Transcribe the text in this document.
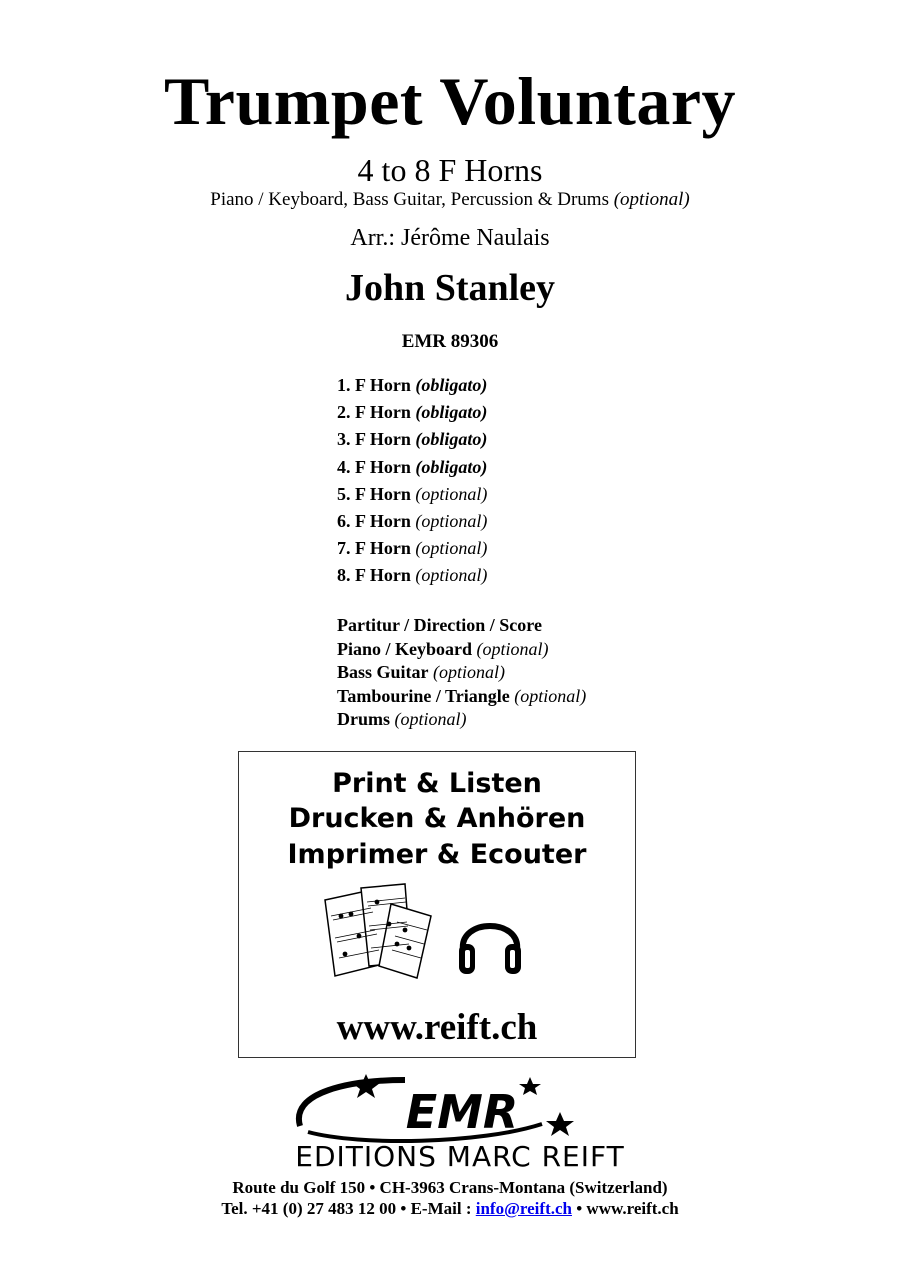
Trumpet Voluntary
4 to 8 F Horns
Piano / Keyboard, Bass Guitar, Percussion & Drums (optional)
Arr.: Jérôme Naulais
John Stanley
EMR 89306
1. F Horn (obligato)
2. F Horn (obligato)
3. F Horn (obligato)
4. F Horn (obligato)
5. F Horn (optional)
6. F Horn (optional)
7. F Horn (optional)
8. F Horn (optional)
Partitur / Direction / Score
Piano / Keyboard (optional)
Bass Guitar (optional)
Tambourine / Triangle (optional)
Drums (optional)
Print & Listen
Drucken & Anhören
Imprimer & Ecouter
www.reift.ch
EMR
EDITIONS MARC REIFT
Route du Golf 150 • CH-3963 Crans-Montana (Switzerland)
Tel. +41 (0) 27 483 12 00 • E-Mail : info@reift.ch • www.reift.ch
